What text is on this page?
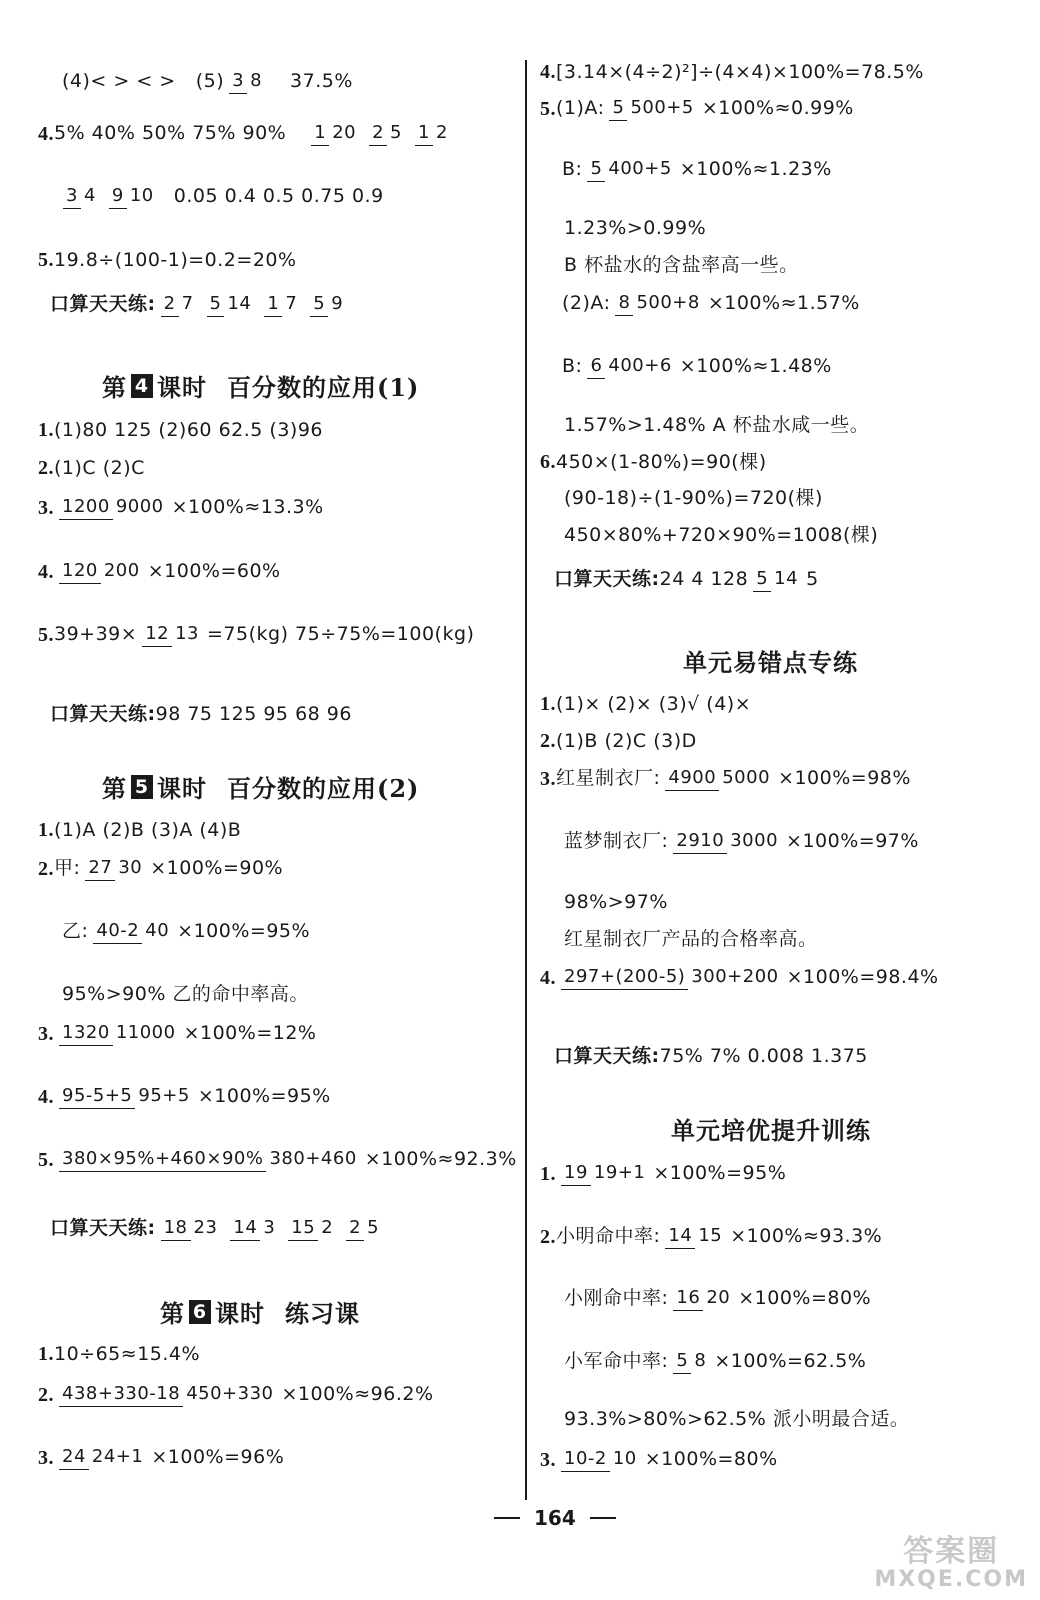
(4)< > < > (5) 3 8 37.5%
4. 5% 40% 50% 75% 90% 1 20 2 5 1 2
3 4 9 10 0.05 0.4 0.5 0.75 0.9
5. 19.8÷(100-1)=0.2=20%
口算天天练: 2 7 5 14 1 7 5 9
第 4 课时 百分数的应用(1)
1. (1)80 125 (2)60 62.5 (3)96
2. (1)C (2)C
3. 1200 9000 ×100%≈13.3%
4. 120 200 ×100%=60%
5. 39+39× 12 13 =75(kg) 75÷75%=100(kg)
口算天天练: 98 75 125 95 68 96
第 5 课时 百分数的应用(2)
1. (1)A (2)B (3)A (4)B
2. 甲: 27 30 ×100%=90%
乙: 40-2 40 ×100%=95%
95%>90% 乙的命中率高。
3. 1320 11000 ×100%=12%
4. 95-5+5 95+5 ×100%=95%
5. 380×95%+460×90% 380+460 ×100%≈92.3%
口算天天练: 18 23 14 3 15 2 2 5
第 6 课时 练习课
1. 10÷65≈15.4%
2. 438+330-18 450+330 ×100%≈96.2%
3. 24 24+1 ×100%=96%
4. [3.14×(4÷2)²]÷(4×4)×100%=78.5%
5. (1)A: 5 500+5 ×100%≈0.99%
B: 5 400+5 ×100%≈1.23%
1.23%>0.99%
B 杯盐水的含盐率高一些。
(2)A: 8 500+8 ×100%≈1.57%
B: 6 400+6 ×100%≈1.48%
1.57%>1.48% A 杯盐水咸一些。
6. 450×(1-80%)=90(棵)
(90-18)÷(1-90%)=720(棵)
450×80%+720×90%=1008(棵)
口算天天练: 24 4 128 5 14 5
单元易错点专练
1. (1)× (2)× (3)√ (4)×
2. (1)B (2)C (3)D
3. 红星制衣厂: 4900 5000 ×100%=98%
蓝梦制衣厂: 2910 3000 ×100%=97%
98%>97%
红星制衣厂产品的合格率高。
4. 297+(200-5) 300+200 ×100%=98.4%
口算天天练: 75% 7% 0.008 1.375
单元培优提升训练
1. 19 19+1 ×100%=95%
2. 小明命中率: 14 15 ×100%≈93.3%
小刚命中率: 16 20 ×100%=80%
小军命中率: 5 8 ×100%=62.5%
93.3%>80%>62.5% 派小明最合适。
3. 10-2 10 ×100%=80%
164
答案圈
MXQE.COM
